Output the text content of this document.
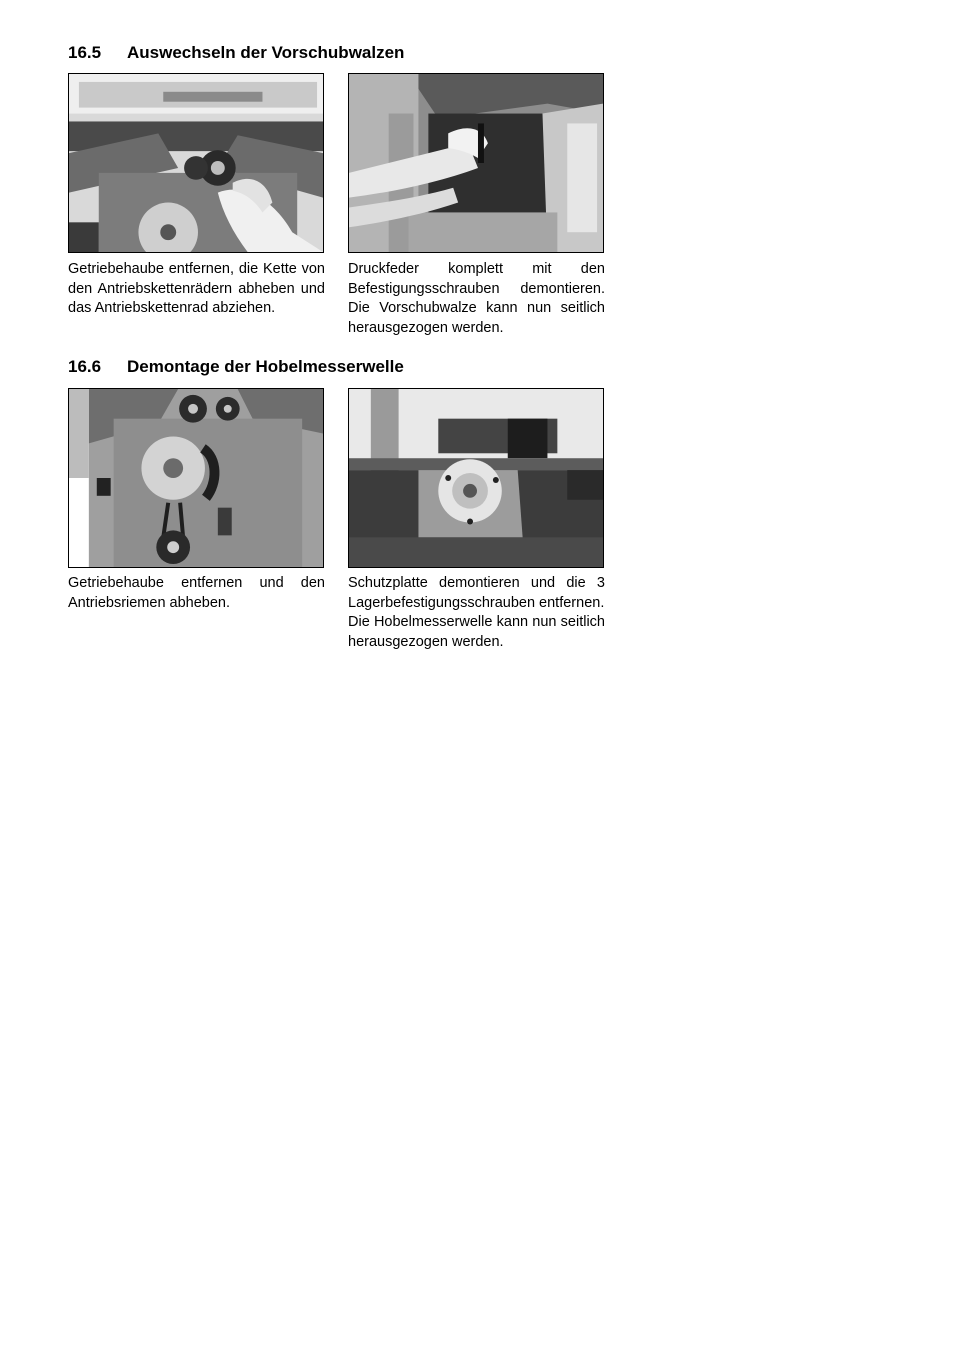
16.5 Auswechseln der Vorschubwalzen

Getriebehaube entfernen, die Kette von den Antriebskettenrädern abheben und das Antriebskettenrad abziehen.

Druckfeder komplett mit den Befestigungsschrauben demontieren. Die Vorschubwalze kann nun seitlich herausgezogen werden.

16.6 Demontage der Hobelmesserwelle

Getriebehaube entfernen und den Antriebsriemen abheben.

Schutzplatte demontieren und die 3 Lagerbefestigungsschrauben entfernen.
Die Hobelmesserwelle kann nun seitlich herausgezogen werden.
